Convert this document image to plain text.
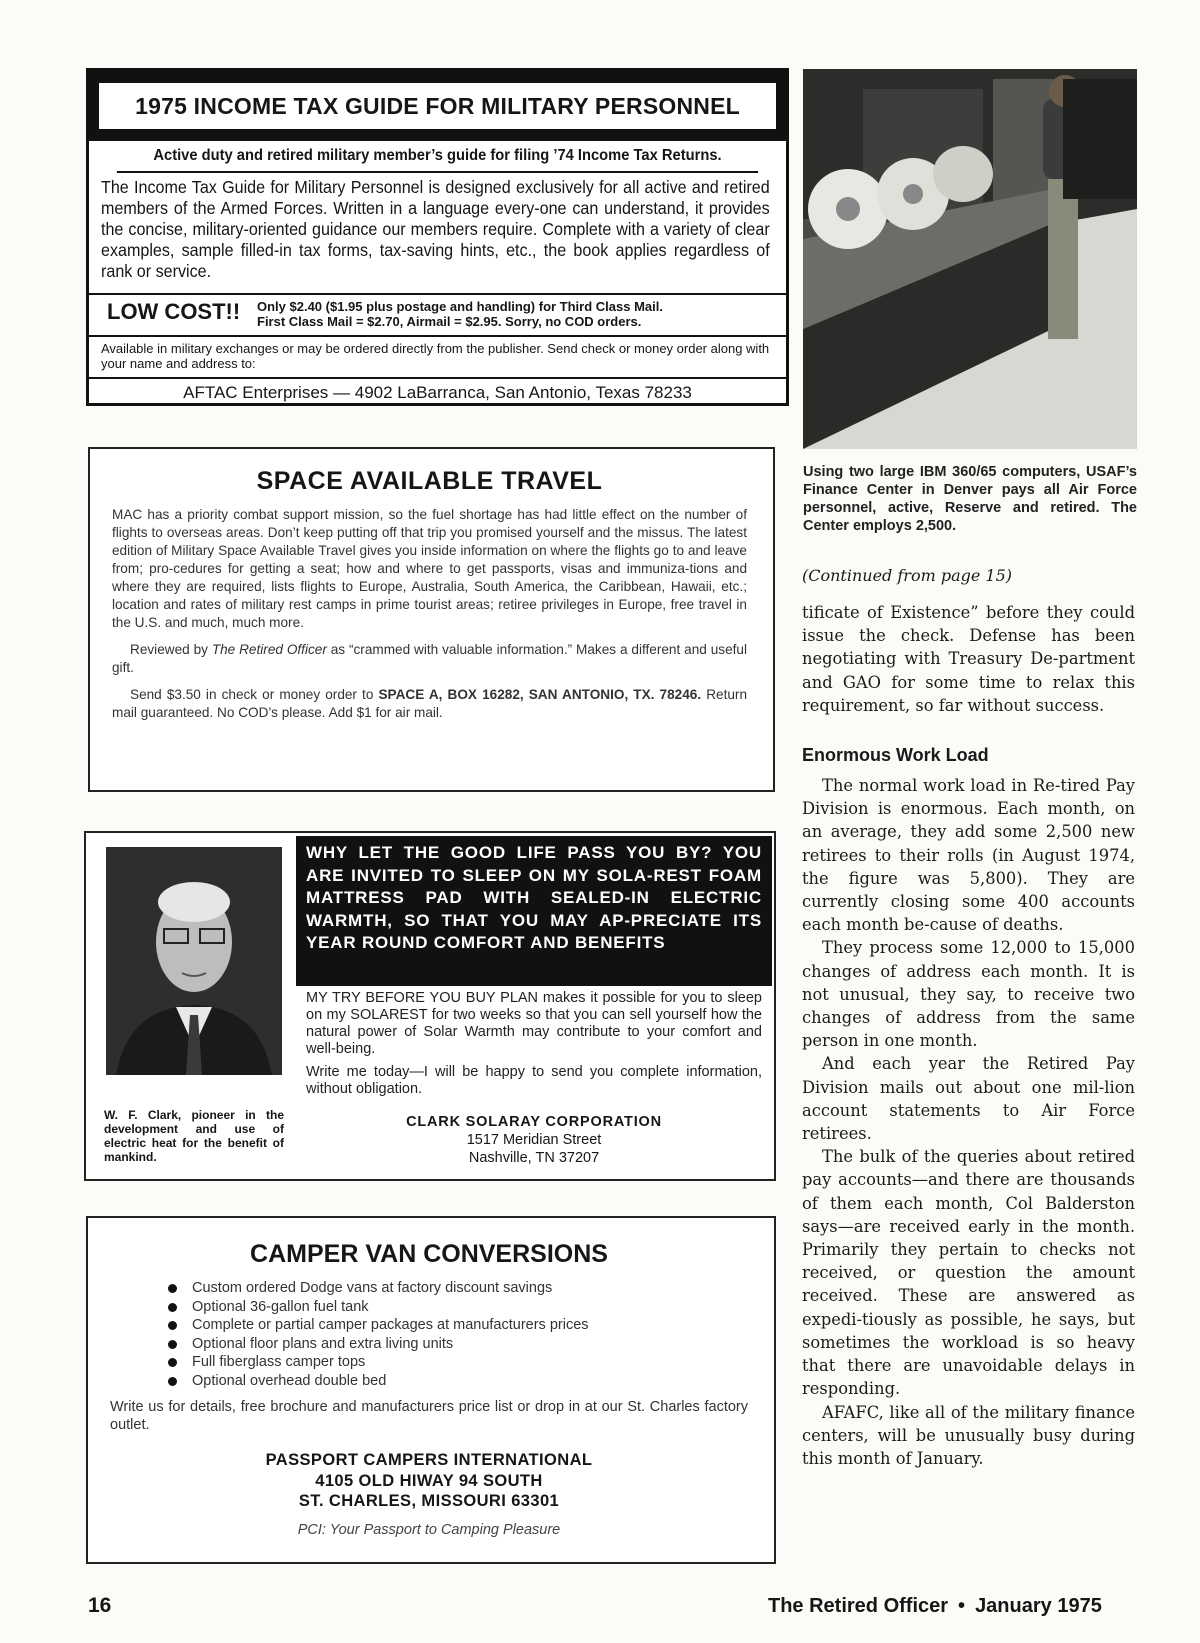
1975 INCOME TAX GUIDE FOR MILITARY PERSONNEL
Active duty and retired military member’s guide for filing ’74 Income Tax Returns.
The Income Tax Guide for Military Personnel is designed exclusively for all active and retired members of the Armed Forces. Written in a language every-one can understand, it provides the concise, military-oriented guidance our members require. Complete with a variety of clear examples, sample filled-in tax forms, tax-saving hints, etc., the book applies regardless of rank or service.
LOW COST!! Only $2.40 ($1.95 plus postage and handling) for Third Class Mail.
First Class Mail = $2.70, Airmail = $2.95. Sorry, no COD orders.
Available in military exchanges or may be ordered directly from the publisher. Send check or money order along with your name and address to:
AFTAC Enterprises — 4902 LaBarranca, San Antonio, Texas 78233
Using two large IBM 360/65 computers, USAF’s Finance Center in Denver pays all Air Force personnel, active, Reserve and retired. The Center employs 2,500.
SPACE AVAILABLE TRAVEL

MAC has a priority combat support mission, so the fuel shortage has had little effect on the number of flights to overseas areas. Don’t keep putting off that trip you promised yourself and the missus. The latest edition of Military Space Available Travel gives you inside information on where the flights go to and leave from; pro-cedures for getting a seat; how and where to get passports, visas and immuniza-tions and where they are required, lists flights to Europe, Australia, South America, the Caribbean, Hawaii, etc.; location and rates of military rest camps in prime tourist areas; retiree privileges in Europe, free travel in the U.S. and much, much more.

Reviewed by The Retired Officer as “crammed with valuable information.” Makes a different and useful gift.

Send $3.50 in check or money order to SPACE A, BOX 16282, SAN ANTONIO, TX. 78246. Return mail guaranteed. No COD’s please. Add $1 for air mail.

W. F. Clark, pioneer in the development and use of electric heat for the benefit of mankind.
WHY LET THE GOOD LIFE PASS YOU BY? YOU ARE INVITED TO SLEEP ON MY SOLA-REST FOAM MATTRESS PAD WITH SEALED-IN ELECTRIC WARMTH, SO THAT YOU MAY AP-PRECIATE ITS YEAR ROUND COMFORT AND BENEFITS

MY TRY BEFORE YOU BUY PLAN makes it possible for you to sleep on my SOLAREST for two weeks so that you can sell yourself how the natural power of Solar Warmth may contribute to your comfort and well-being.

Write me today—I will be happy to send you complete information, without obligation.

CLARK SOLARAY CORPORATION
1517 Meridian Street
Nashville, TN 37207
CAMPER VAN CONVERSIONS
Custom ordered Dodge vans at factory discount savings
Optional 36-gallon fuel tank
Complete or partial camper packages at manufacturers prices
Optional floor plans and extra living units
Full fiberglass camper tops
Optional overhead double bed

Write us for details, free brochure and manufacturers price list or drop in at our St. Charles factory outlet.

PASSPORT CAMPERS INTERNATIONAL
4105 OLD HIWAY 94 SOUTH
ST. CHARLES, MISSOURI 63301
PCI: Your Passport to Camping Pleasure
(Continued from page 15)

tificate of Existence” before they could issue the check. Defense has been negotiating with Treasury De-partment and GAO for some time to relax this requirement, so far without success.

Enormous Work Load

The normal work load in Re-tired Pay Division is enormous. Each month, on an average, they add some 2,500 new retirees to their rolls (in August 1974, the figure was 5,800). They are currently closing some 400 accounts each month be-cause of deaths.

They process some 12,000 to 15,000 changes of address each month. It is not unusual, they say, to receive two changes of address from the same person in one month.

And each year the Retired Pay Division mails out about one mil-lion account statements to Air Force retirees.

The bulk of the queries about retired pay accounts—and there are thousands of them each month, Col Balderston says—are received early in the month. Primarily they pertain to checks not received, or question the amount received. These are answered as expedi-tiously as possible, he says, but sometimes the workload is so heavy that there are unavoidable delays in responding.

AFAFC, like all of the military finance centers, will be unusually busy during this month of January.

16	The Retired Officer • January 1975
